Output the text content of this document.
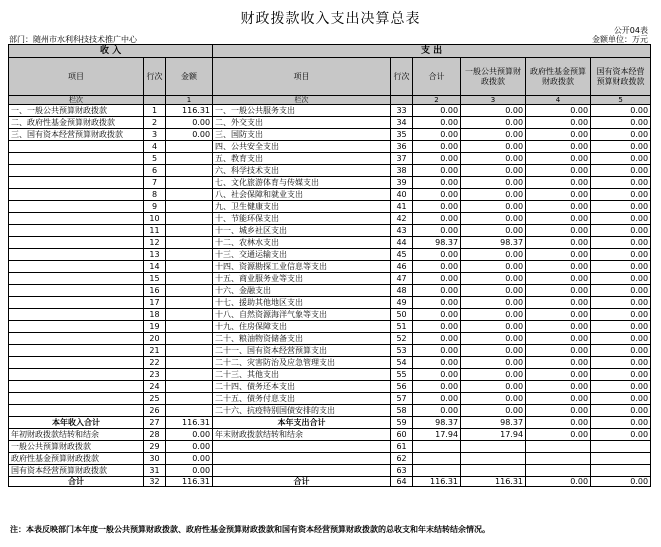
财政拨款收入支出决算总表
公开04表
部门：随州市水利科技技术推广中心	金额单位：万元
收 入			支 出					
项目	行次	金额	项目	行次	合计	一般公共预算财政拨款	政府性基金预算财政拨款	国有资本经营预算财政拨款
栏次		1	栏次		2	3	4	5
一、一般公共预算财政拨款	1	116.31	一、一般公共服务支出	33	0.00	0.00	0.00	0.00
二、政府性基金预算财政拨款	2	0.00	二、外交支出	34	0.00	0.00	0.00	0.00
三、国有资本经营预算财政拨款	3	0.00	三、国防支出	35	0.00	0.00	0.00	0.00
	4		四、公共安全支出	36	0.00	0.00	0.00	0.00
	5		五、教育支出	37	0.00	0.00	0.00	0.00
	6		六、科学技术支出	38	0.00	0.00	0.00	0.00
	7		七、文化旅游体育与传媒支出	39	0.00	0.00	0.00	0.00
	8		八、社会保障和就业支出	40	0.00	0.00	0.00	0.00
	9		九、卫生健康支出	41	0.00	0.00	0.00	0.00
	10		十、节能环保支出	42	0.00	0.00	0.00	0.00
	11		十一、城乡社区支出	43	0.00	0.00	0.00	0.00
	12		十二、农林水支出	44	98.37	98.37	0.00	0.00
	13		十三、交通运输支出	45	0.00	0.00	0.00	0.00
	14		十四、资源勘探工业信息等支出	46	0.00	0.00	0.00	0.00
	15		十五、商业服务业等支出	47	0.00	0.00	0.00	0.00
	16		十六、金融支出	48	0.00	0.00	0.00	0.00
	17		十七、援助其他地区支出	49	0.00	0.00	0.00	0.00
	18		十八、自然资源海洋气象等支出	50	0.00	0.00	0.00	0.00
	19		十九、住房保障支出	51	0.00	0.00	0.00	0.00
	20		二十、粮油物资储备支出	52	0.00	0.00	0.00	0.00
	21		二十一、国有资本经营预算支出	53	0.00	0.00	0.00	0.00
	22		二十二、灾害防治及应急管理支出	54	0.00	0.00	0.00	0.00
	23		二十三、其他支出	55	0.00	0.00	0.00	0.00
	24		二十四、债务还本支出	56	0.00	0.00	0.00	0.00
	25		二十五、债务付息支出	57	0.00	0.00	0.00	0.00
	26		二十六、抗疫特别国债安排的支出	58	0.00	0.00	0.00	0.00
本年收入合计	27	116.31	本年支出合计	59	98.37	98.37	0.00	0.00
年初财政拨款结转和结余	28	0.00	年末财政拨款结转和结余	60	17.94	17.94	0.00	0.00
一般公共预算财政拨款	29	0.00		61				
政府性基金预算财政拨款	30	0.00		62				
国有资本经营预算财政拨款	31	0.00		63				
合计	32	116.31	合计	64	116.31	116.31	0.00	0.00
注：本表反映部门本年度一般公共预算财政拨款、政府性基金预算财政拨款和国有资本经营预算财政拨款的总收支和年末结转结余情况。
